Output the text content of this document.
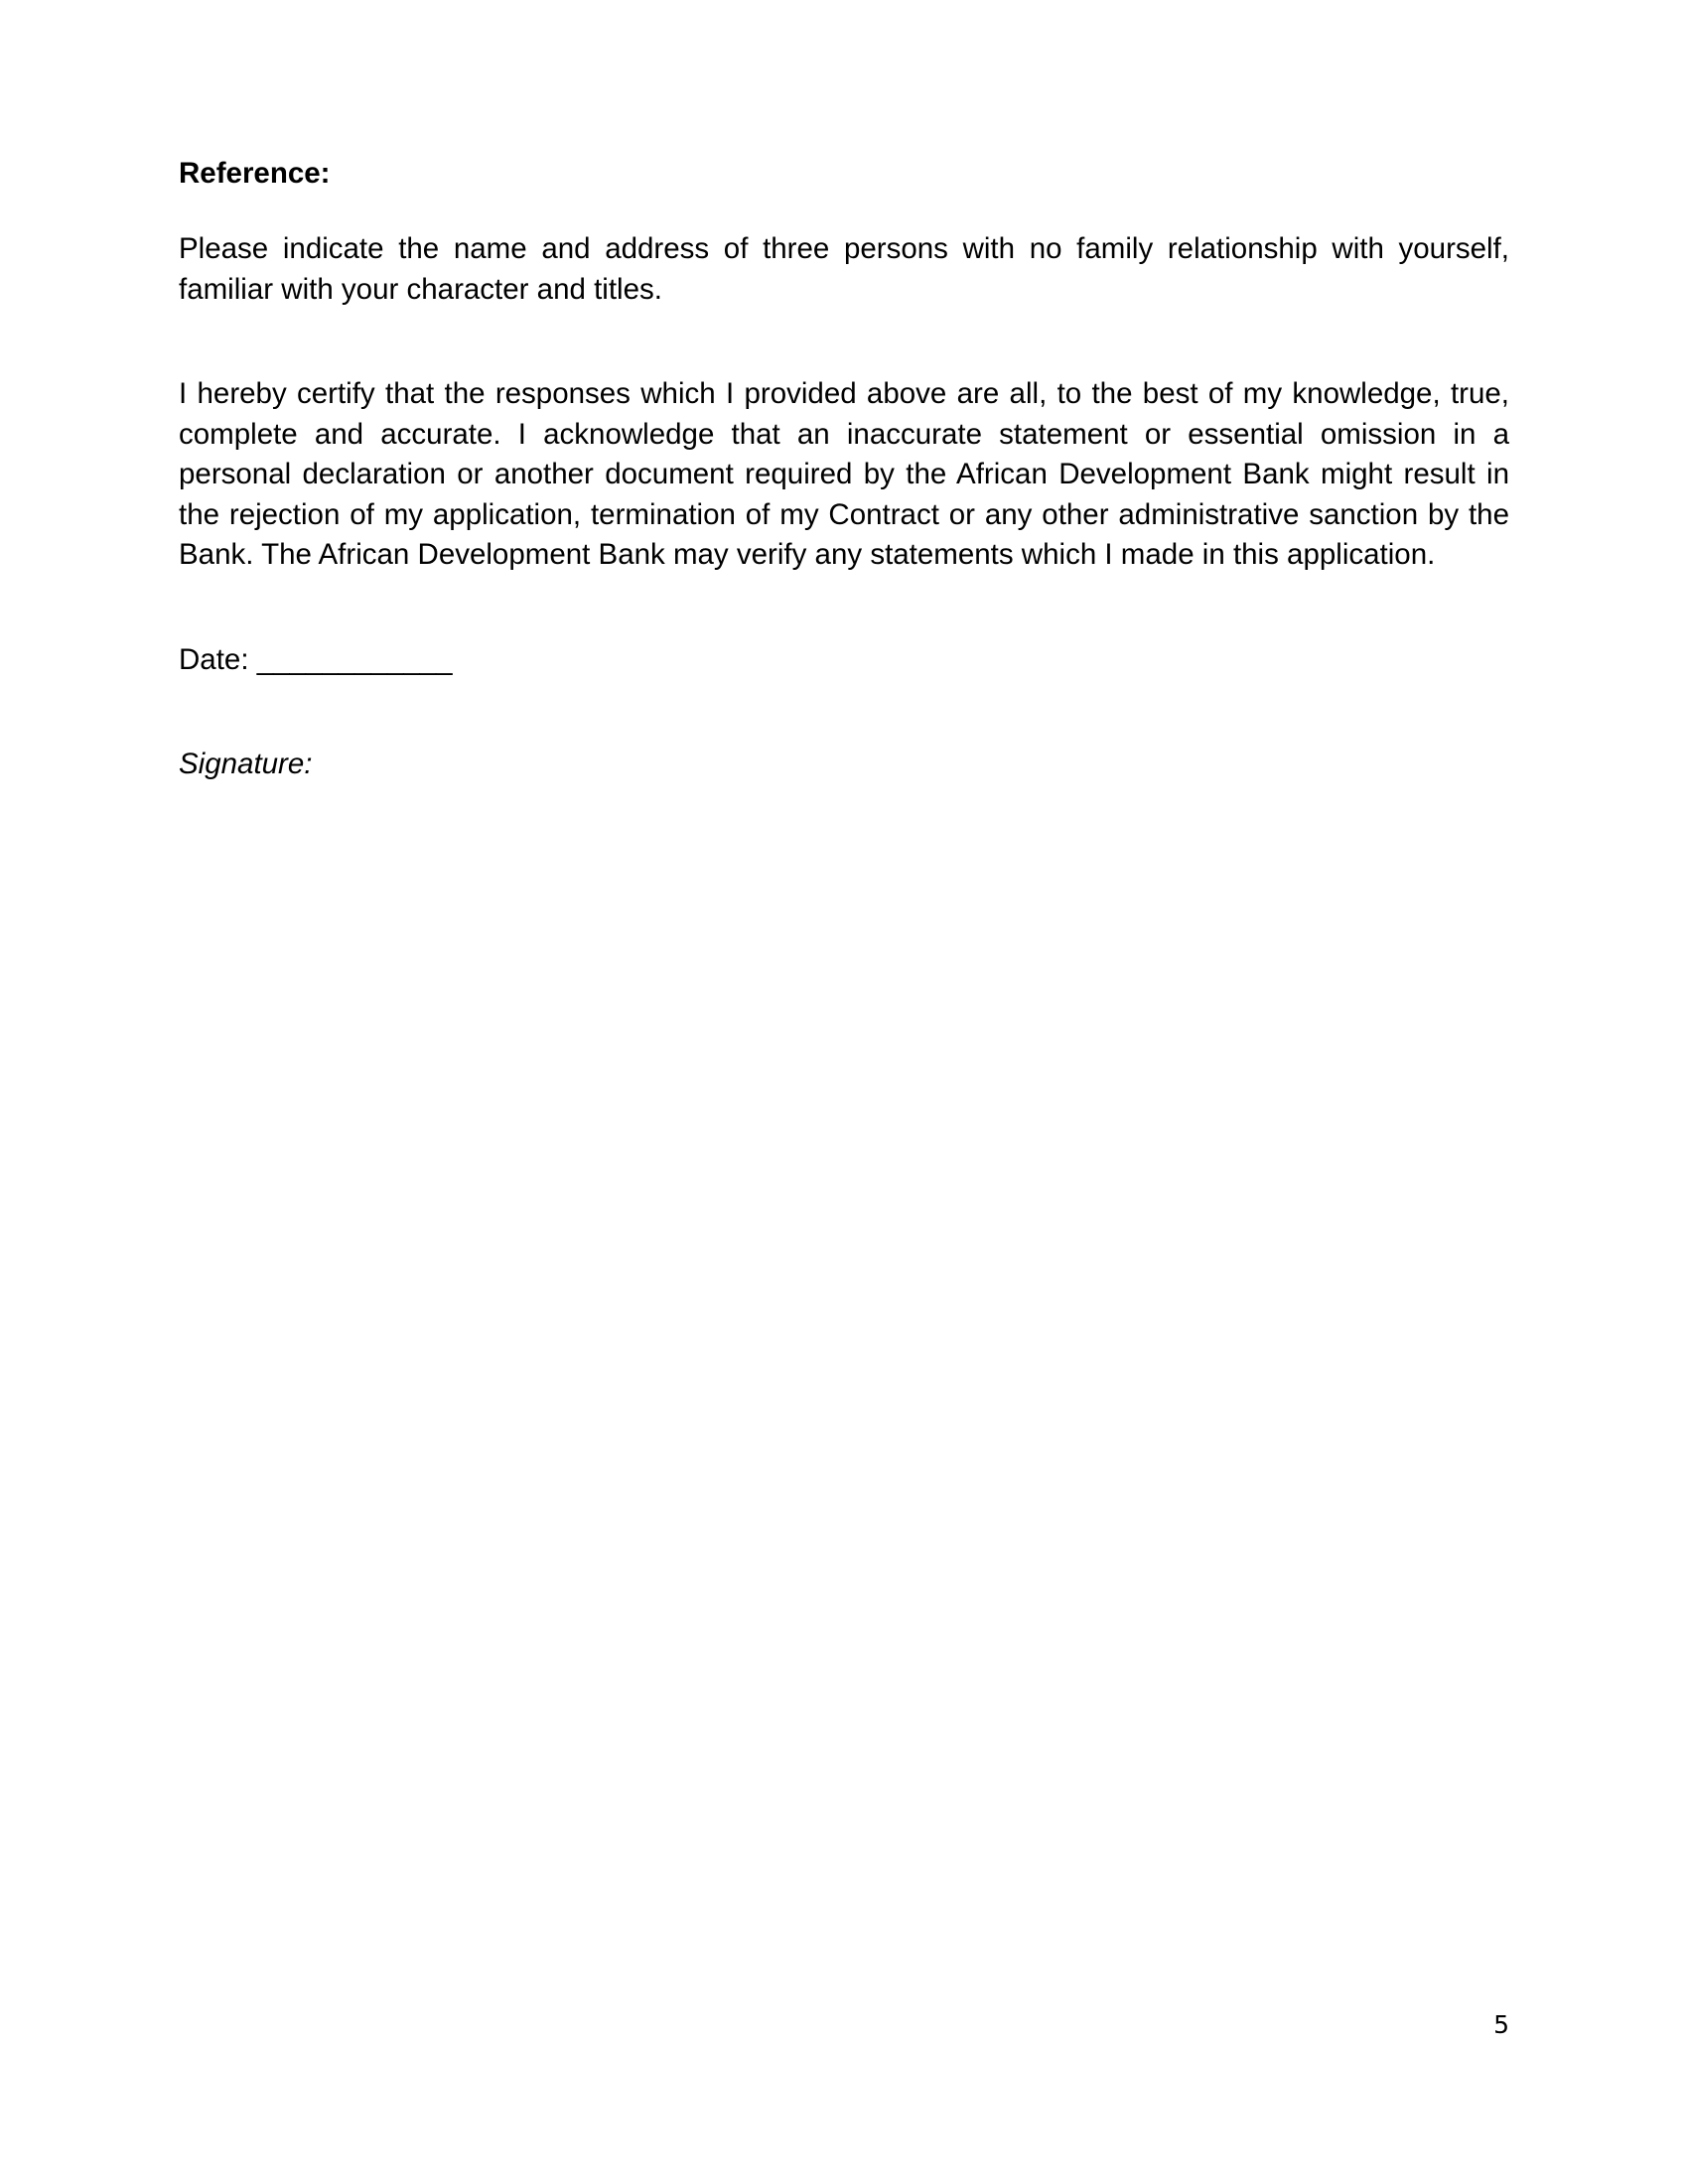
Reference:
Please indicate the name and address of three persons with no family relationship with yourself, familiar with your character and titles.
I hereby certify that the responses which I provided above are all, to the best of my knowledge, true, complete and accurate. I acknowledge that an inaccurate statement or essential omission in a personal declaration or another document required by the African Development Bank might result in the rejection of my application, termination of my Contract or any other administrative sanction by the Bank. The African Development Bank may verify any statements which I made in this application.
Date: ____________
Signature:
5
